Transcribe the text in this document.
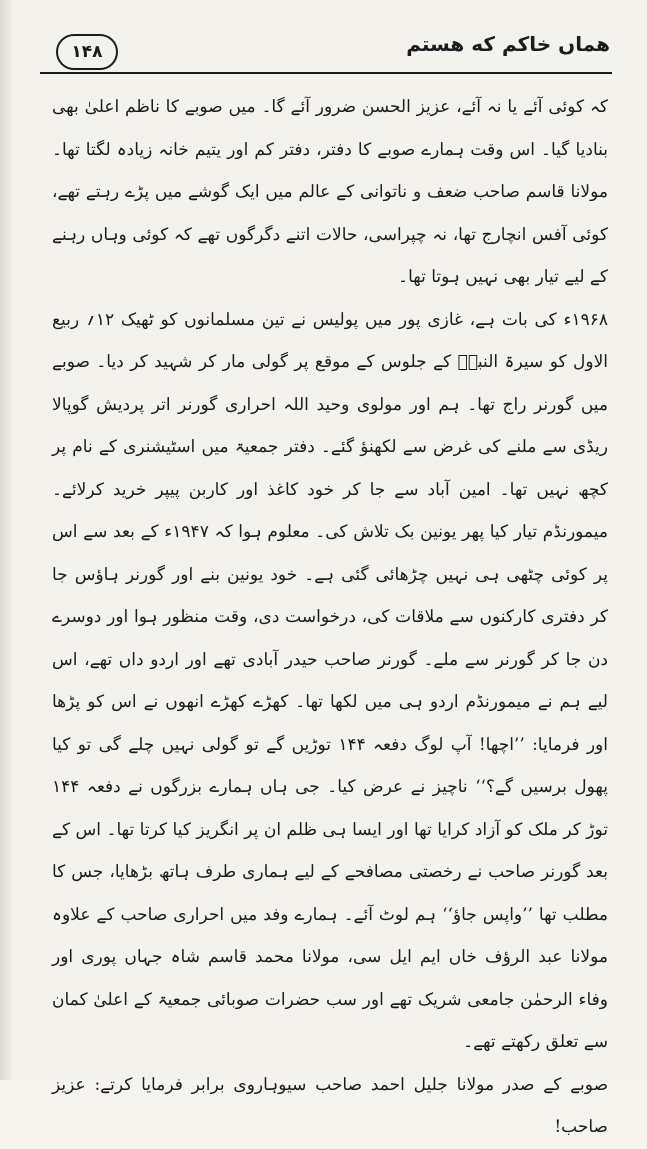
۱۴۸	هماں خاکم که هستم

کہ کوئی آئے یا نہ آئے، عزیز الحسن ضرور آئے گا۔ میں صوبے کا ناظم اعلیٰ بھی بنادیا گیا۔ اس وقت ہمارے صوبے کا دفتر، دفتر کم اور یتیم خانہ زیادہ لگتا تھا۔ مولانا قاسم صاحب ضعف و ناتوانی کے عالم میں ایک گوشے میں پڑے رہتے تھے، کوئی آفس انچارج تھا، نہ چپراسی، حالات اتنے دگرگوں تھے کہ کوئی وہاں رہنے کے لیے تیار بھی نہیں ہوتا تھا۔

۱۹۶۸ء کی بات ہے، غازی پور میں پولیس نے تین مسلمانوں کو ٹھیک ۱۲؍ ربیع الاول کو سیرۃ النبیؐ کے جلوس کے موقع پر گولی مار کر شہید کر دیا۔ صوبے میں گورنر راج تھا۔ ہم اور مولوی وحید اللہ احراری گورنر اتر پردیش گوپالا ریڈی سے ملنے کی غرض سے لکھنؤ گئے۔ دفتر جمعیۃ میں اسٹیشنری کے نام پر کچھ نہیں تھا۔ امین آباد سے جا کر خود کاغذ اور کاربن پیپر خرید کرلائے۔ میمورنڈم تیار کیا پھر یونین بک تلاش کی۔ معلوم ہوا کہ ۱۹۴۷ء کے بعد سے اس پر کوئی چٹھی ہی نہیں چڑھائی گئی ہے۔ خود یونین بنے اور گورنر ہاؤس جا کر دفتری کارکنوں سے ملاقات کی، درخواست دی، وقت منظور ہوا اور دوسرے دن جا کر گورنر سے ملے۔ گورنر صاحب حیدر آبادی تھے اور اردو داں تھے، اس لیے ہم نے میمورنڈم اردو ہی میں لکھا تھا۔ کھڑے کھڑے انھوں نے اس کو پڑھا اور فرمایا: ’’اچھا! آپ لوگ دفعہ ۱۴۴ توڑیں گے تو گولی نہیں چلے گی تو کیا پھول برسیں گے؟‘‘ ناچیز نے عرض کیا۔ جی ہاں ہمارے بزرگوں نے دفعہ ۱۴۴ توڑ کر ملک کو آزاد کرایا تھا اور ایسا ہی ظلم ان پر انگریز کیا کرتا تھا۔ اس کے بعد گورنر صاحب نے رخصتی مصافحے کے لیے ہماری طرف ہاتھ بڑھایا، جس کا مطلب تھا ’’واپس جاؤ‘‘ ہم لوٹ آئے۔ ہمارے وفد میں احراری صاحب کے علاوہ مولانا عبد الرؤف خاں ایم ایل سی، مولانا محمد قاسم شاہ جہاں پوری اور وفاء الرحمٰن جامعی شریک تھے اور سب حضرات صوبائی جمعیۃ کے اعلیٰ کمان سے تعلق رکھتے تھے۔

صوبے کے صدر مولانا جلیل احمد صاحب سیوہاروی برابر فرمایا کرتے: عزیز صاحب!
